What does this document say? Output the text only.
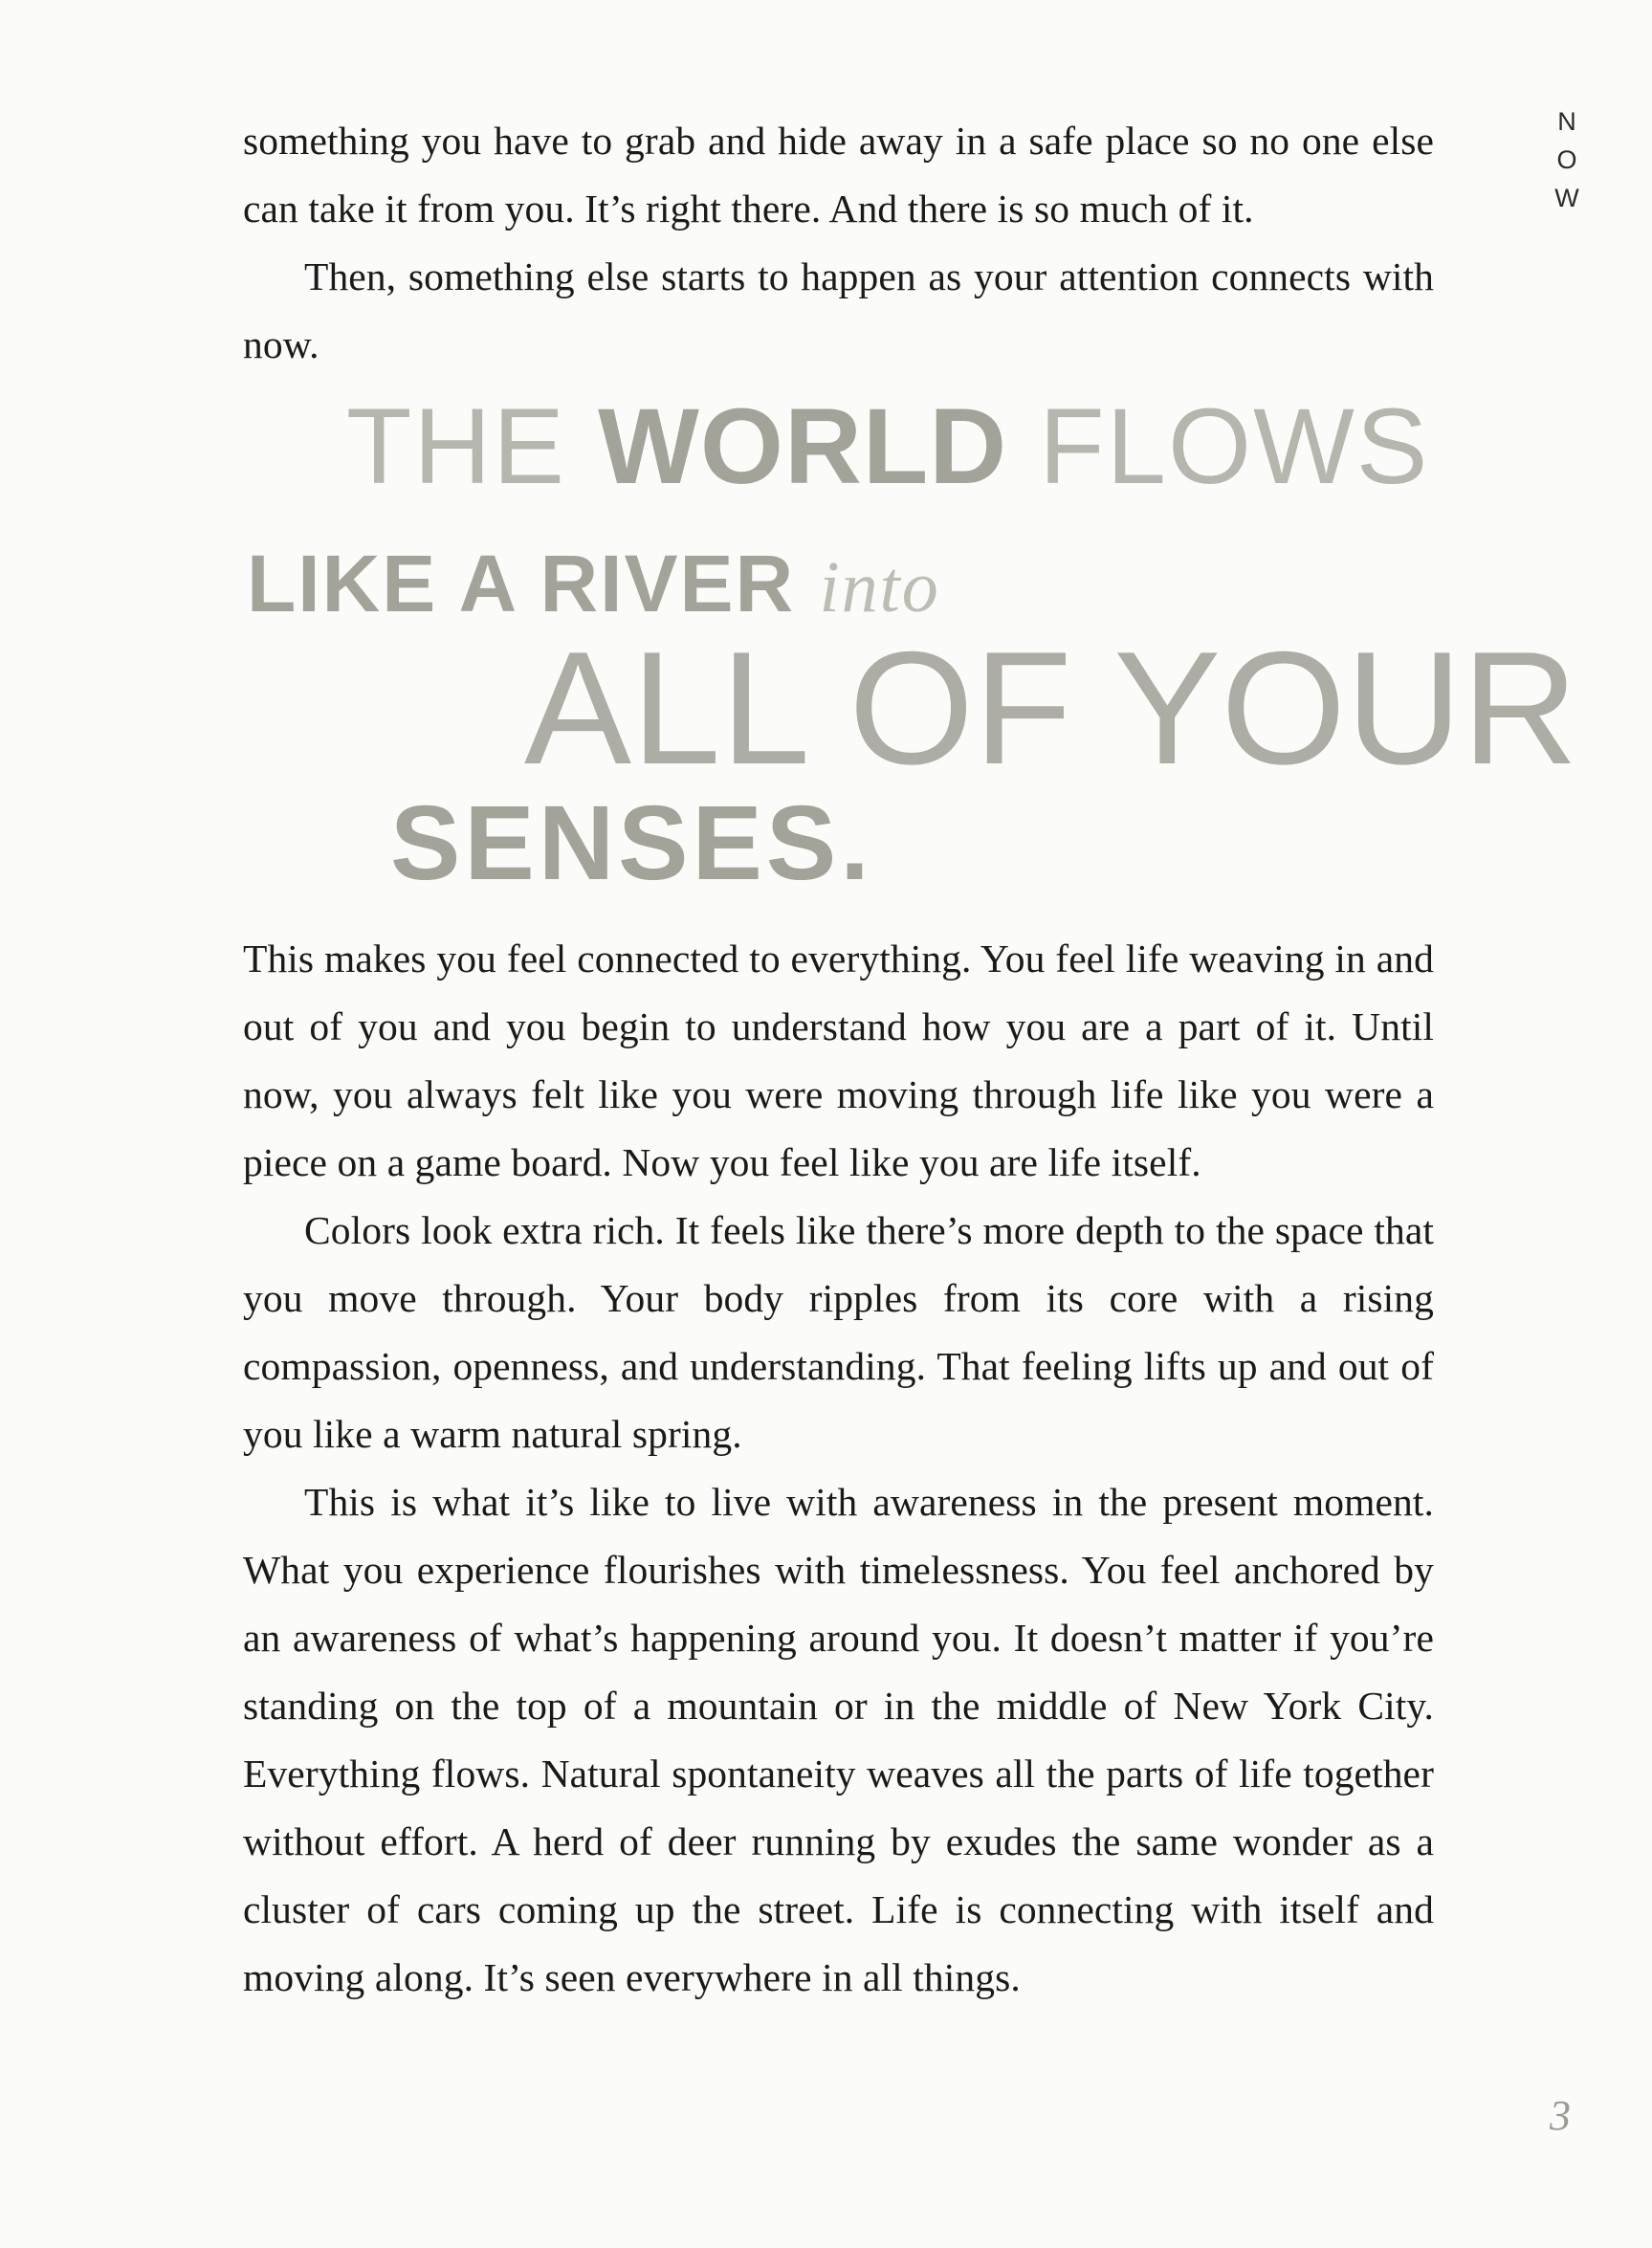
NOW

something you have to grab and hide away in a safe place so no one else can take it from you. It’s right there. And there is so much of it.

Then, something else starts to happen as your attention connects with now.

THE WORLD FLOWS
LIKE A RIVER into
ALL OF YOUR
SENSES.

This makes you feel connected to everything. You feel life weaving in and out of you and you begin to understand how you are a part of it. Until now, you always felt like you were moving through life like you were a piece on a game board. Now you feel like you are life itself.

Colors look extra rich. It feels like there’s more depth to the space that you move through. Your body ripples from its core with a rising compassion, openness, and understanding. That feeling lifts up and out of you like a warm natural spring.

This is what it’s like to live with awareness in the present moment. What you experience flourishes with timelessness. You feel anchored by an awareness of what’s happening around you. It doesn’t matter if you’re standing on the top of a mountain or in the middle of New York City. Everything flows. Natural spontaneity weaves all the parts of life together without effort. A herd of deer running by exudes the same wonder as a cluster of cars coming up the street. Life is connecting with itself and moving along. It’s seen everywhere in all things.

3
